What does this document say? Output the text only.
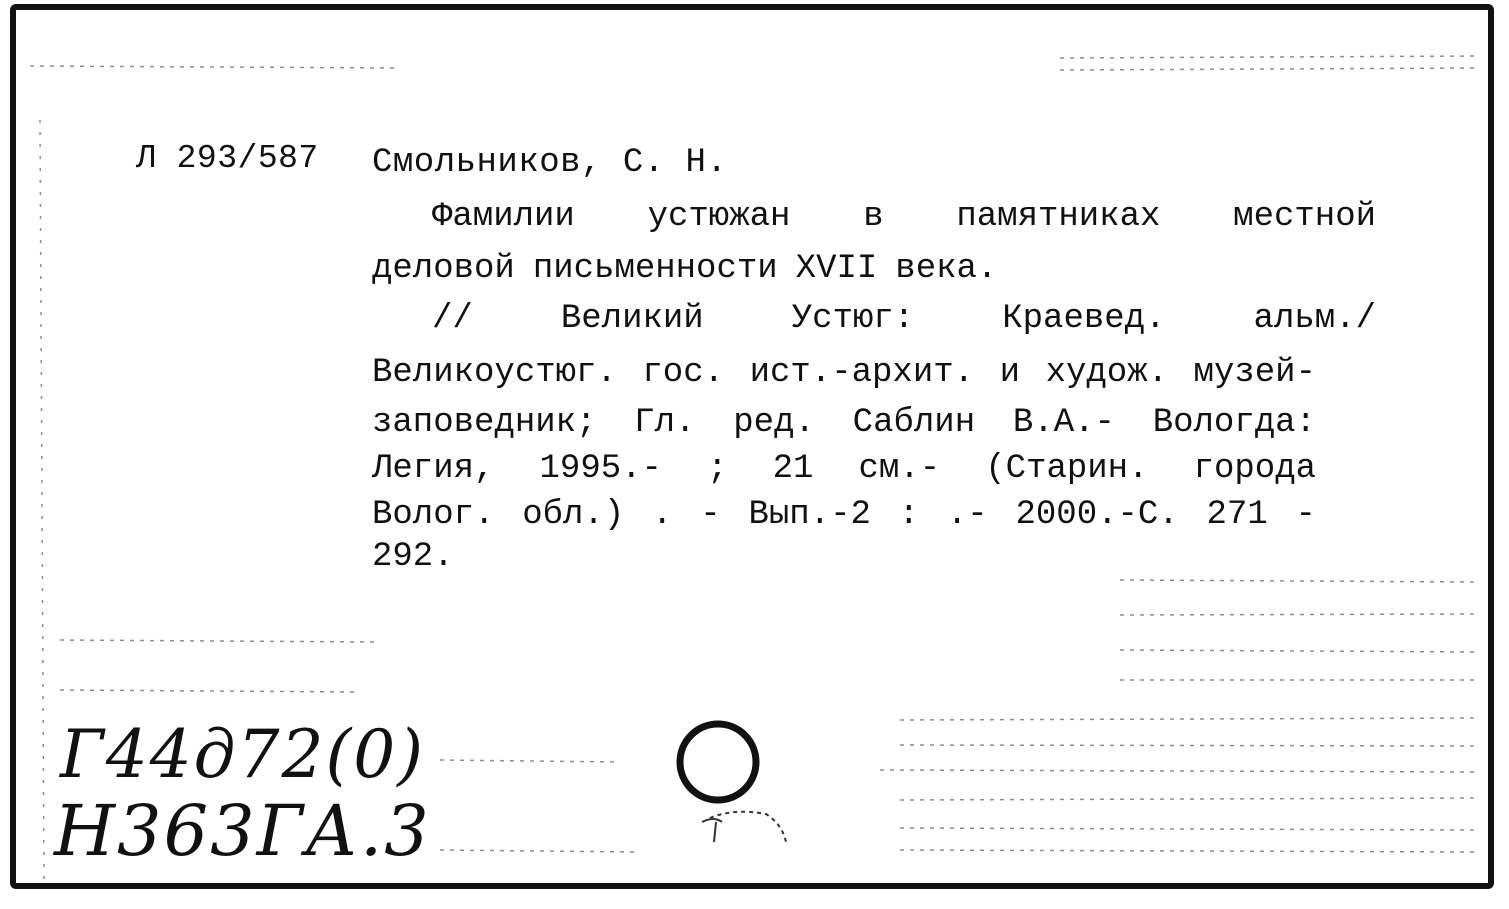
Л 293/587 Смольников, С. Н.
Фамилии устюжан в памятниках местной
деловой письменности XVII века.
//	Великий	Устюг:	Краевед.	альм./
Великоустюг. гос. ист.-архит. и худож. музей-
заповедник; Гл. ред. Саблин В.А.- Вологда:
Легия, 1995.- ; 21 см.- (Старин. города
Волог. обл.) . - Вып.-2 : .- 2000.-С. 271 -
292.
Г44д72(0)
Н363ГА.3
